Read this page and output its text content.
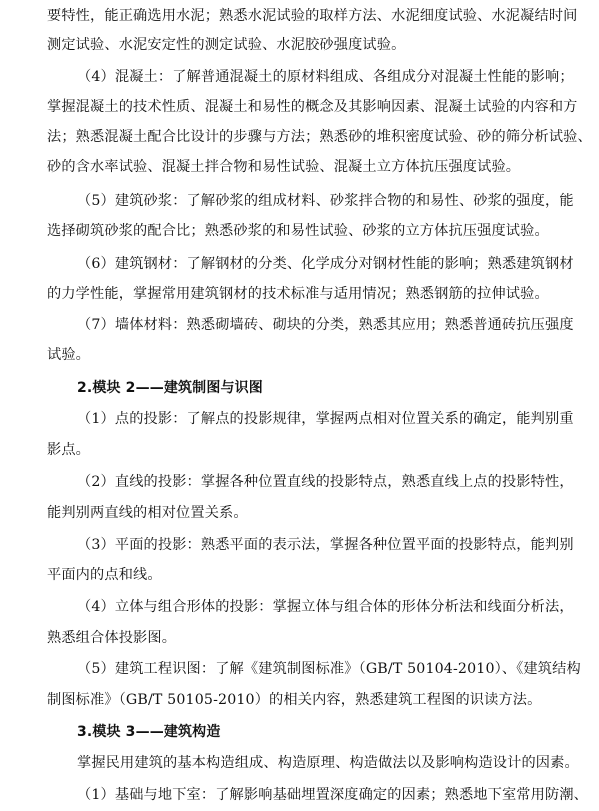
要特性，能正确选用水泥；熟悉水泥试验的取样方法、水泥细度试验、水泥凝结时间
测定试验、水泥安定性的测定试验、水泥胶砂强度试验。
（4）混凝土：了解普通混凝土的原材料组成、各组成分对混凝土性能的影响；
掌握混凝土的技术性质、混凝土和易性的概念及其影响因素、混凝土试验的内容和方
法；熟悉混凝土配合比设计的步骤与方法；熟悉砂的堆积密度试验、砂的筛分析试验、
砂的含水率试验、混凝土拌合物和易性试验、混凝土立方体抗压强度试验。
（5）建筑砂浆：了解砂浆的组成材料、砂浆拌合物的和易性、砂浆的强度，能
选择砌筑砂浆的配合比；熟悉砂浆的和易性试验、砂浆的立方体抗压强度试验。
（6）建筑钢材：了解钢材的分类、化学成分对钢材性能的影响；熟悉建筑钢材
的力学性能，掌握常用建筑钢材的技术标准与适用情况；熟悉钢筋的拉伸试验。
（7）墙体材料：熟悉砌墙砖、砌块的分类，熟悉其应用；熟悉普通砖抗压强度
试验。
2.模块 2——建筑制图与识图
（1）点的投影：了解点的投影规律，掌握两点相对位置关系的确定，能判别重
影点。
（2）直线的投影：掌握各种位置直线的投影特点，熟悉直线上点的投影特性，
能判别两直线的相对位置关系。
（3）平面的投影：熟悉平面的表示法，掌握各种位置平面的投影特点，能判别
平面内的点和线。
（4）立体与组合形体的投影：掌握立体与组合体的形体分析法和线面分析法，
熟悉组合体投影图。
（5）建筑工程识图：了解《建筑制图标准》（GB/T 50104-2010）、《建筑结构
制图标准》（GB/T 50105-2010）的相关内容，熟悉建筑工程图的识读方法。
3.模块 3——建筑构造
掌握民用建筑的基本构造组成、构造原理、构造做法以及影响构造设计的因素。
（1）基础与地下室：了解影响基础埋置深度确定的因素；熟悉地下室常用防潮、
